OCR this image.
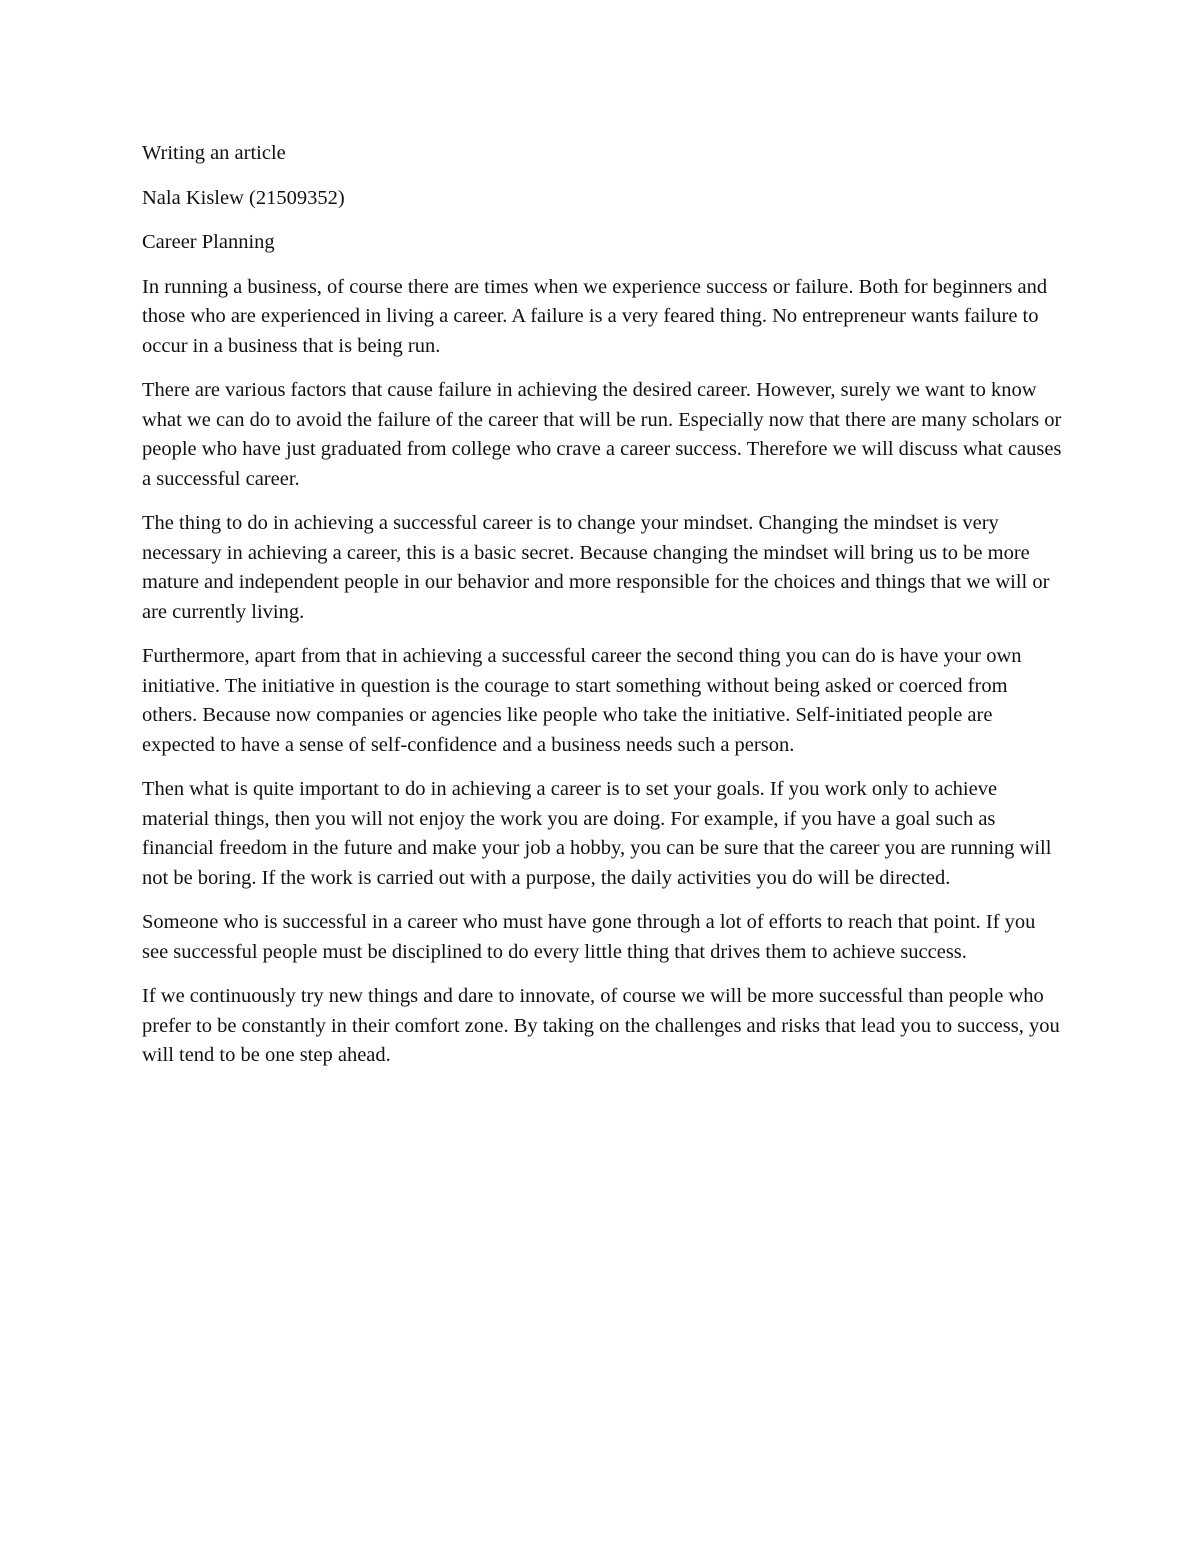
Writing an article

Nala Kislew (21509352)

Career Planning

In running a business, of course there are times when we experience success or failure. Both for beginners and those who are experienced in living a career. A failure is a very feared thing. No entrepreneur wants failure to occur in a business that is being run.

There are various factors that cause failure in achieving the desired career. However, surely we want to know what we can do to avoid the failure of the career that will be run. Especially now that there are many scholars or people who have just graduated from college who crave a career success. Therefore we will discuss what causes a successful career.

The thing to do in achieving a successful career is to change your mindset. Changing the mindset is very necessary in achieving a career, this is a basic secret. Because changing the mindset will bring us to be more mature and independent people in our behavior and more responsible for the choices and things that we will or are currently living.

Furthermore, apart from that in achieving a successful career the second thing you can do is have your own initiative. The initiative in question is the courage to start something without being asked or coerced from others. Because now companies or agencies like people who take the initiative. Self-initiated people are expected to have a sense of self-confidence and a business needs such a person.

Then what is quite important to do in achieving a career is to set your goals. If you work only to achieve material things, then you will not enjoy the work you are doing. For example, if you have a goal such as financial freedom in the future and make your job a hobby, you can be sure that the career you are running will not be boring. If the work is carried out with a purpose, the daily activities you do will be directed.

Someone who is successful in a career who must have gone through a lot of efforts to reach that point. If you see successful people must be disciplined to do every little thing that drives them to achieve success.

If we continuously try new things and dare to innovate, of course we will be more successful than people who prefer to be constantly in their comfort zone. By taking on the challenges and risks that lead you to success, you will tend to be one step ahead.
